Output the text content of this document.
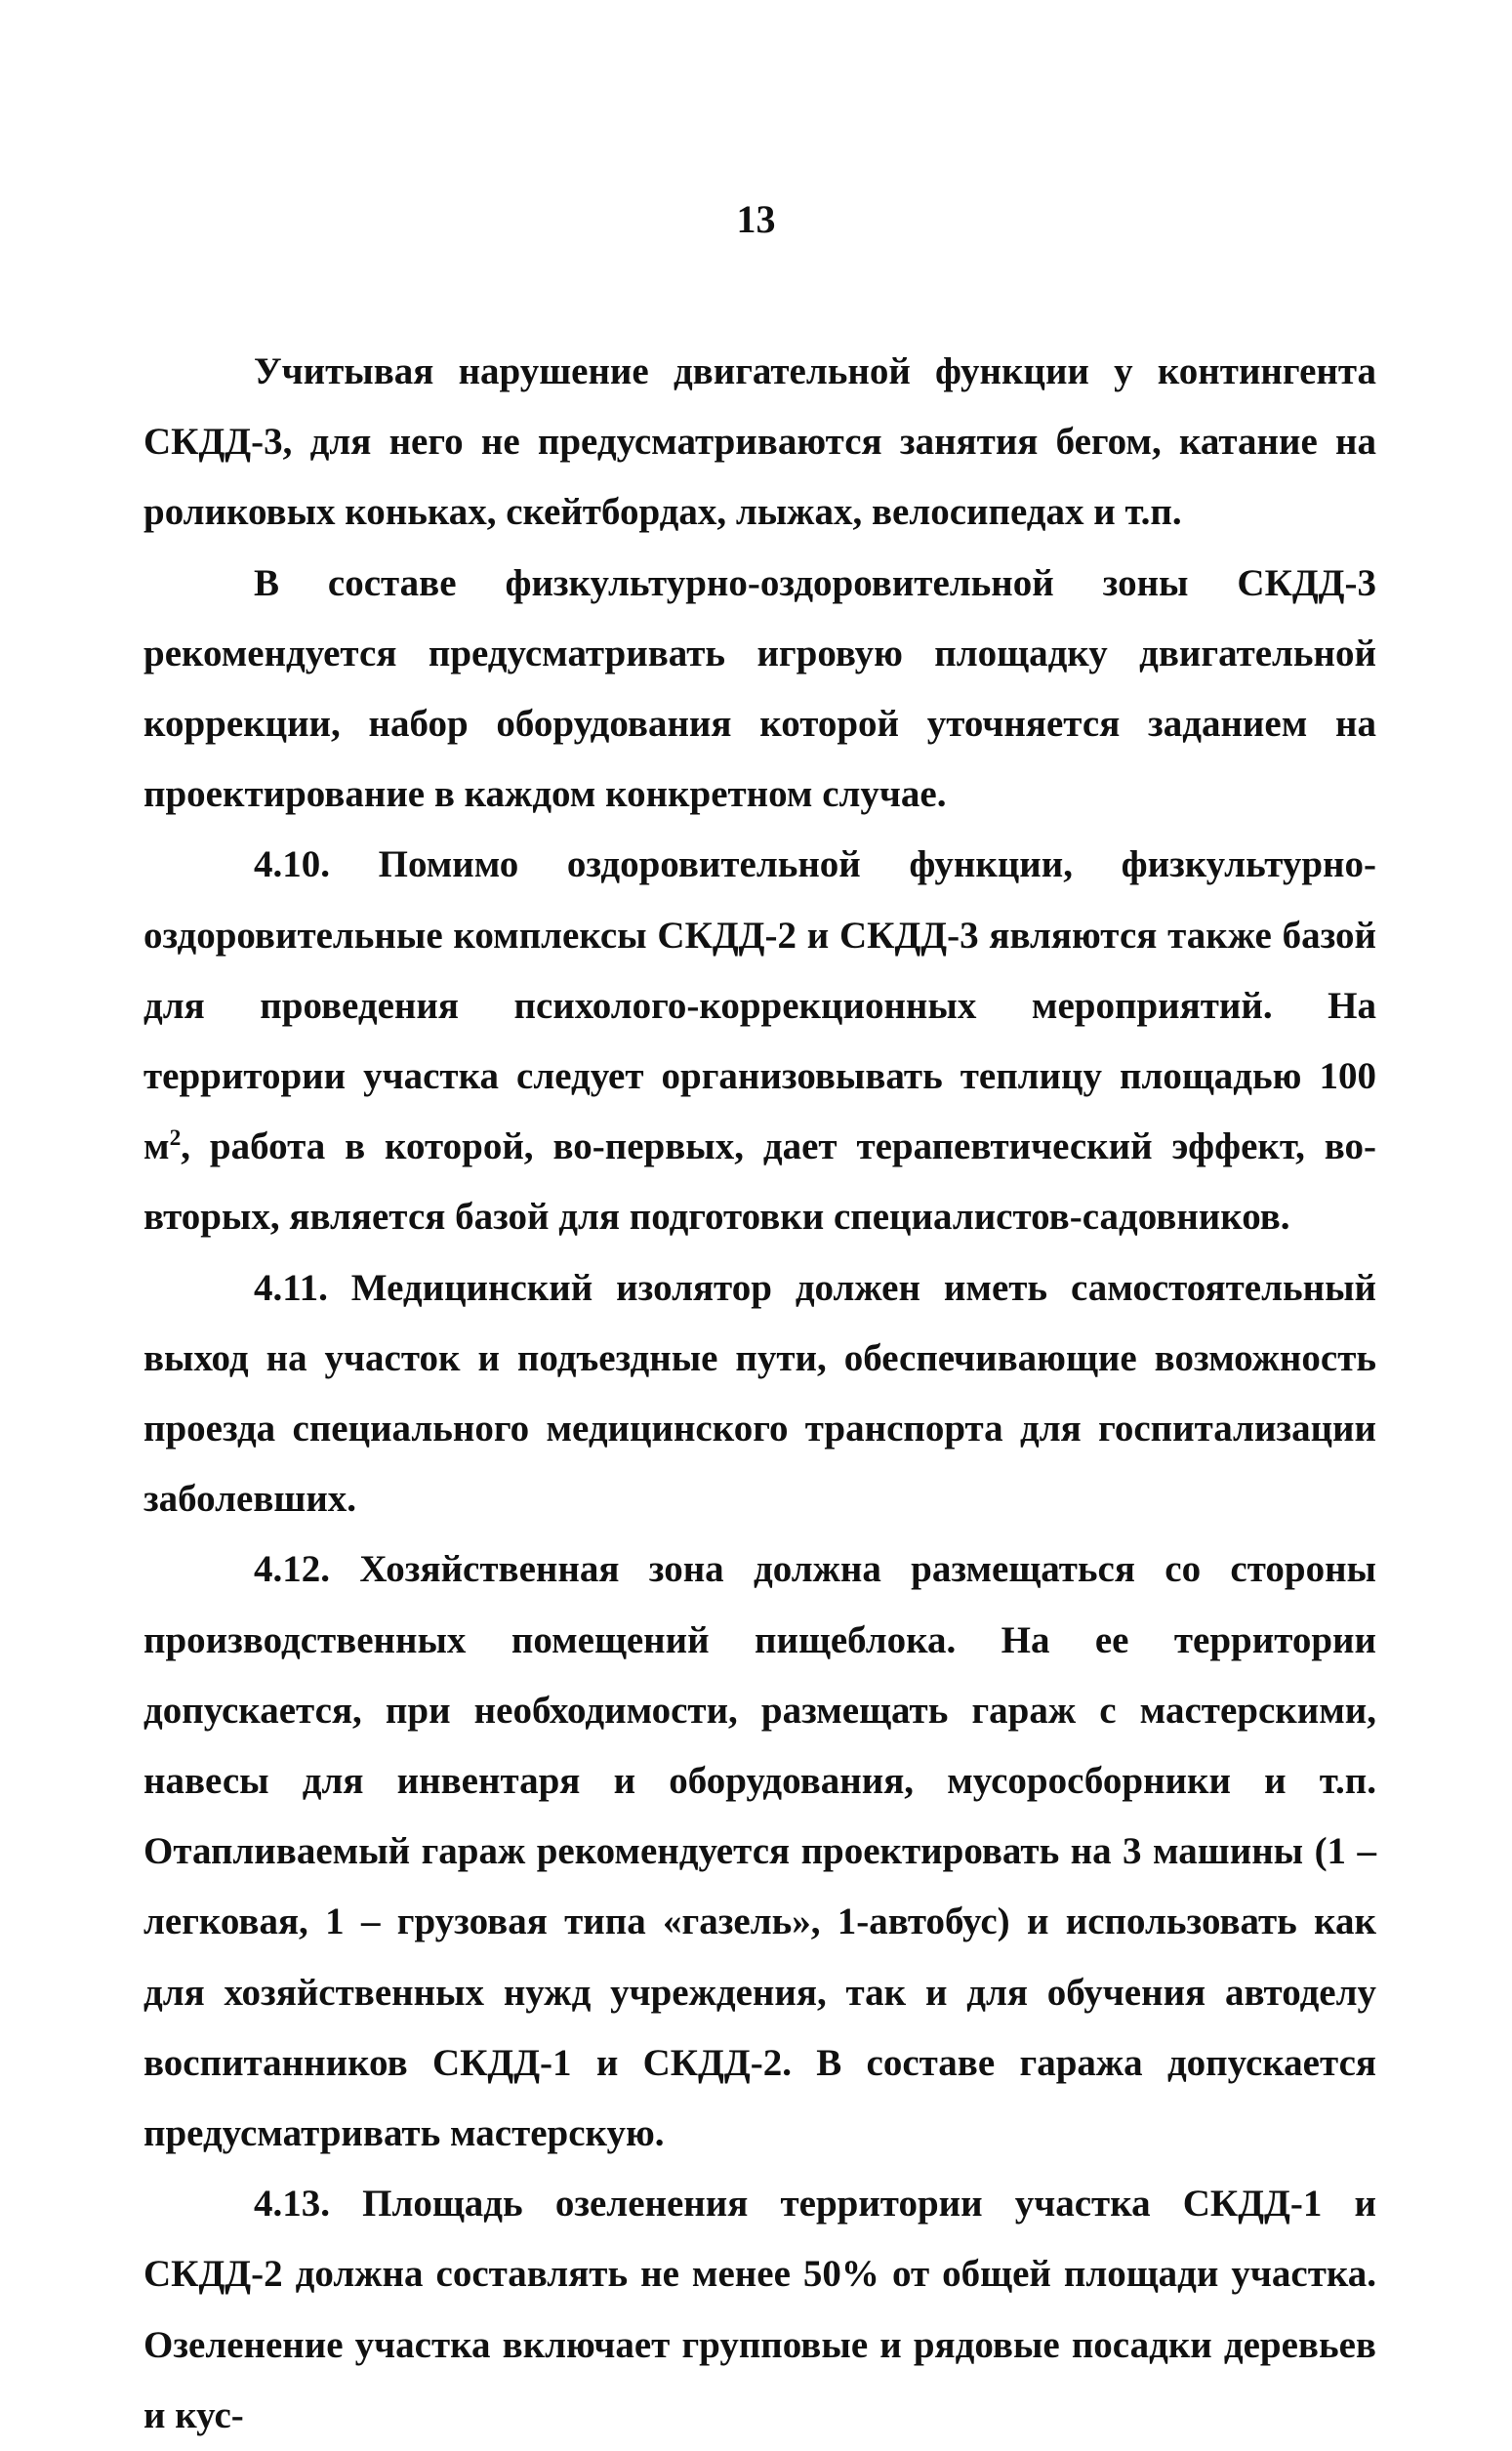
13

Учитывая нарушение двигательной функции у контингента СКДД-3, для него не предусматриваются занятия бегом, катание на роликовых коньках, скейтбордах, лыжах, велосипедах и т.п.

В составе физкультурно-оздоровительной зоны СКДД-3 рекомендуется предусматривать игровую площадку двигательной коррекции, набор оборудования которой уточняется заданием на проектирование в каждом конкретном случае.

4.10. Помимо оздоровительной функции, физкультурно-оздоровительные комплексы СКДД-2 и СКДД-3 являются также базой для проведения психолого-коррекционных мероприятий. На территории участка следует организовывать теплицу площадью 100 $м^2$, работа в которой, во-первых, дает терапевтический эффект, во-вторых, является базой для подготовки специалистов-садовников.

4.11. Медицинский изолятор должен иметь самостоятельный выход на участок и подъездные пути, обеспечивающие возможность проезда специального медицинского транспорта для госпитализации заболевших.

4.12. Хозяйственная зона должна размещаться со стороны производственных помещений пищеблока. На ее территории допускается, при необходимости, размещать гараж с мастерскими, навесы для инвентаря и оборудования, мусоросборники и т.п. Отапливаемый гараж рекомендуется проектировать на 3 машины (1 – легковая, 1 – грузовая типа «газель», 1-автобус) и использовать как для хозяйственных нужд учреждения, так и для обучения автоделу воспитанников СКДД-1 и СКДД-2. В составе гаража допускается предусматривать мастерскую.

4.13. Площадь озеленения территории участка СКДД-1 и СКДД-2 должна составлять не менее 50% от общей площади участка. Озеленение участка включает групповые и рядовые посадки деревьев и кус-
